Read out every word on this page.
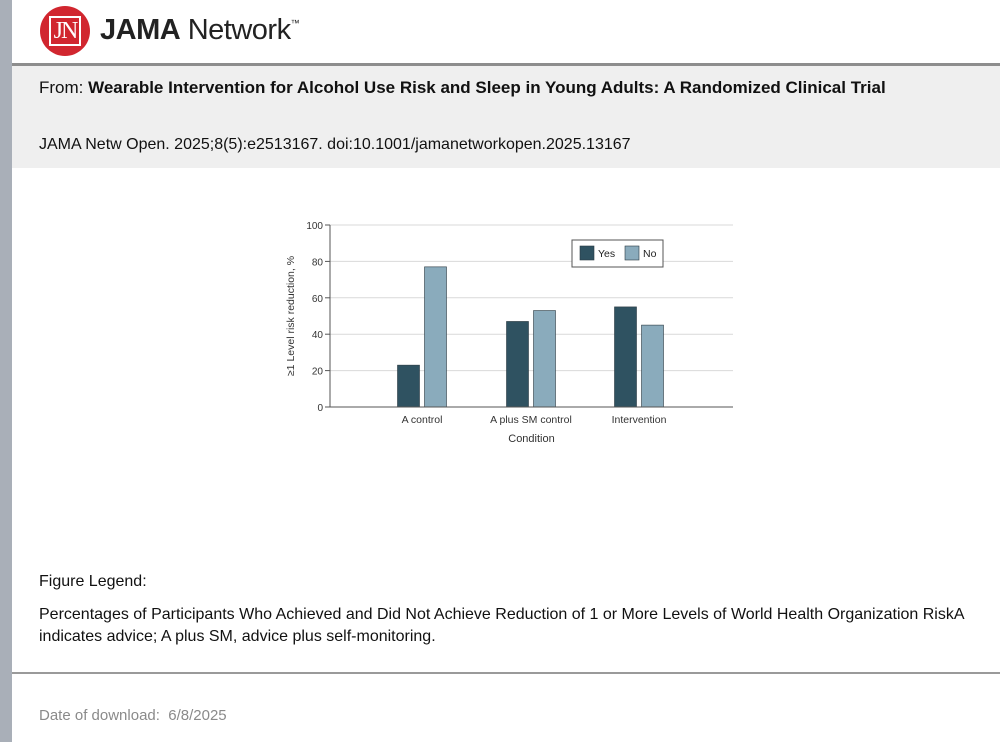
JN JAMA Network™
From: Wearable Intervention for Alcohol Use Risk and Sleep in Young Adults: A Randomized Clinical Trial
JAMA Netw Open. 2025;8(5):e2513167. doi:10.1001/jamanetworkopen.2025.13167
0
20
40
60
80
100
A control	A plus SM control	Intervention
Condition
≥1 Level risk reduction, %
Yes	No
Figure Legend:
Percentages of Participants Who Achieved and Did Not Achieve Reduction of 1 or More Levels of World Health Organization RiskA
indicates advice; A plus SM, advice plus self-monitoring.
Date of download: 6/8/2025
